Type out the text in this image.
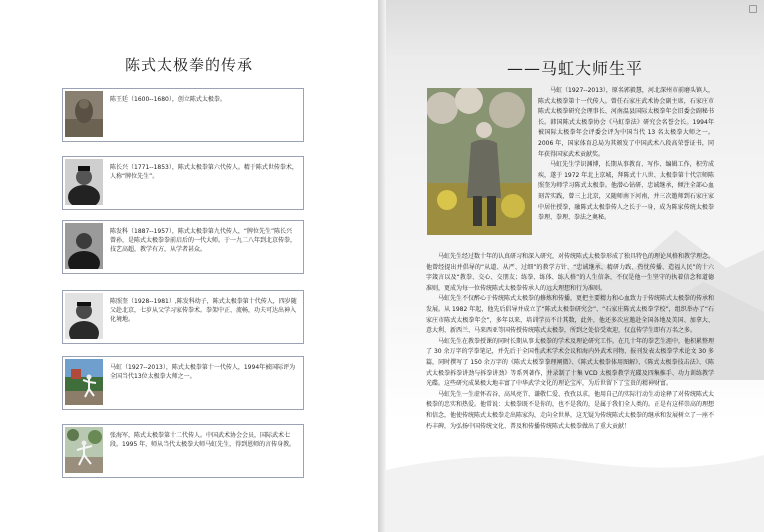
陈式太极拳的传承
陈王廷（1600--1680），创立陈式太极拳。
陈长兴（1771--1853），陈式太极拳第六代传人。精于陈式世传拳术，人称“牌位先生”。
陈发科（1887--1957），陈式太极拳第九代传人，“牌位先生”陈长兴曾孙，是陈式太极拳拳前启后的一代大师。于一九二八年到北京传拳，技艺高超，教学有方，从学者甚众。
陈照奎（1928--1981）,陈发科幼子，陈式太极拳第十代传人，四岁随父赴北京，七岁从父学习家传拳术。拳架中正、流畅，功夫可达出神入化境地。
马虹（1927--2013），陈式太极拳第十一代传人，1994年被国际评为全国当代13位太极拳大师之一。
张海军，陈式太极拳第十二代传人。中国武术协会会员，国际武术七段。1995 年，师从当代太极拳大师马虹先生，得到恩师的言传身教。
——马虹大师生平

马虹（1927--2013），原名郭毅慧，河北深州市前磨头镇人，陈式太极拳第十一代传人。曾任石家庄武术协会副主席，石家庄市陈式太极拳研究会理事长、河南温县国际太极拳年会旧委会副秘书长。韩国陈式太极拳协会《马虹拳法》研究会名誉会长。1994年被国际太极拳年会评委会评为中国当代 13 名太极拳大师之一。2006 年，国家体育总局为其颁发了中国武术八段高荣誉证书，同年获得国家武术贡献奖。

马虹先生学识渊博，长期从事教育、写作、编辑工作，积劳成疾，遂于 1972 年北上京城，拜陈式十八世、太极拳第十代宗师陈照奎为师学习陈式太极拳。他潜心钻研、忠诚继承，倾注全部心血刻苦实践，曾三上北京，又随师南下河南，并三次邀师到石家庄家中居住授拳，融陈式太极拳传人之长于一身，成为陈家传统太极拳拳理、拳理、拳法之奥秘。

马虹先生经过数十年的认真研习和深入研究，对传统陈式太极拳形成了独具特色的理论风格和教学理念。他曾经提出并倡导的“从道、从严、过细”的教学方针、“忠诚继承、精研力践、热忱传播、造福人民”的十六字箴言以及“教拳、交心、交朋友；练拳、练体、练人格”的人生信条，不仅是他一生坚守的执着信念和道德准则，更成为每一位传统陈式太极拳传承人的远大理想和行为准则。

马虹先生不仅醉心于传统陈式太极拳的修炼和传播，更把主要精力和心血致力于传统陈式太极拳的传承和发展。从 1982 年起，他先后倡导并成立了“陈式太极拳研究会”、“石家庄陈式太极拳学校”，组织举办了“石家庄市陈式太极拳年会”，多年以来，培训学员不计其数，此外，他还多次应邀赴全国各地及美国、加拿大、意大利、新西兰、马来西亚等国传授传统陈式太极拳，所到之处倍受欢迎，仅直传学生即有万名之多。

马虹先生在教拳授课的同时长期从事太极拳的学术及理论研究工作。在几十年的拳艺生涯中，他积累整理了 30 余万字的学拳笔记，并先后于全国性武术学术会议和海内外武术刊物、报刊发表太极拳学术论文 30 多篇，同时撰写了 150 余万字的《陈式太极拳拳理阐微》、《陈式太极拳体用图解》、《陈式太极拳技击法》、《陈式太极拳拆拳讲劲与拆拳讲劲》等系列著作，并录制了十集 VCD 太极拳教学光碟及四集推手、功力训练教学光碟。这些研究成果极大地丰富了中华武学文化的理论宝库，为后世留下了宝贵的精神财富。

马虹先生一生虚怀若谷、高风亮节、谦敬仁爱、孜孜以求，他用自己的实际行动生动诠释了对传统陈式太极拳的忠实和热爱。他常说：太极拳既不是你的，也不是我的，是属于我们全人类的。正是有这样崇高的理想和信念，他使传统陈式太极拳走出陈家沟，走向全世界，这无疑为传统陈式太极拳的继承和发展树立了一座不朽丰碑，为弘扬中国传统文化、普及和传播传统陈式太极拳做出了重大贡献！
